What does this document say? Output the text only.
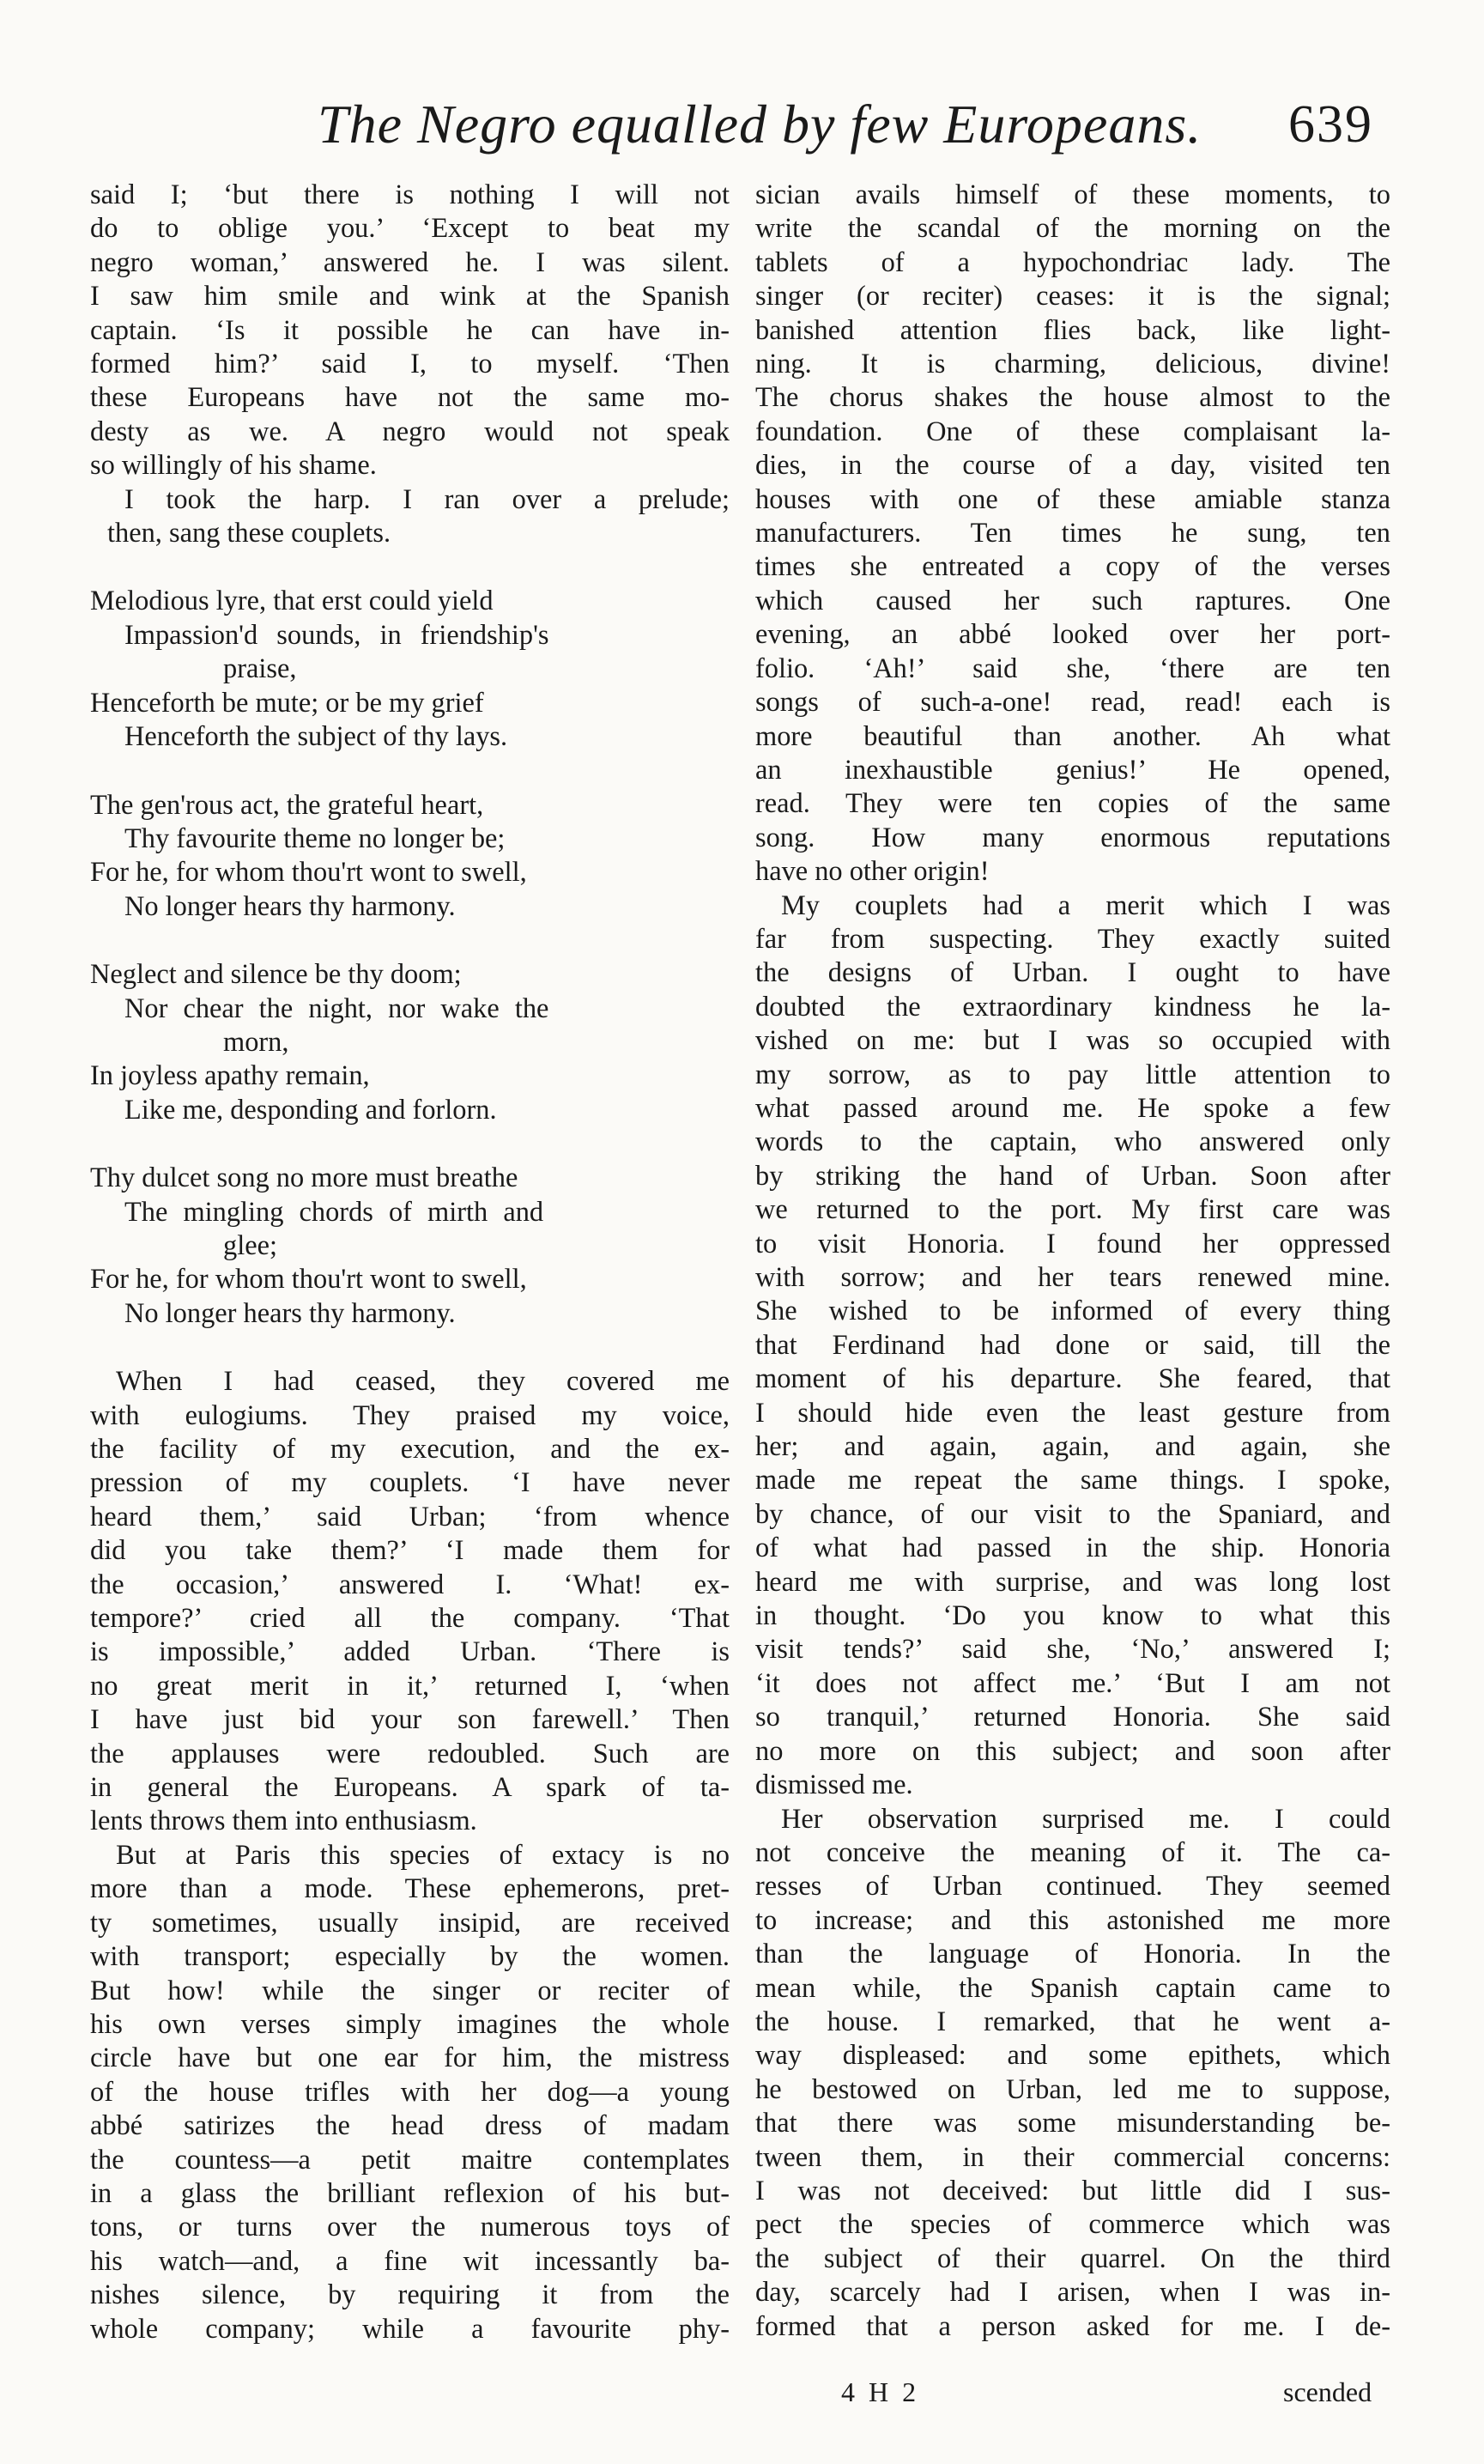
The Negro equalled by few Europeans. 639
said I; ‘but there is nothing I will not
do to oblige you.’ ‘Except to beat my
negro woman,’ answered he. I was silent.
I saw him smile and wink at the Spanish
captain. ‘Is it possible he can have in-
formed him?’ said I, to myself. ‘Then
these Europeans have not the same mo-
desty as we. A negro would not speak
so willingly of his shame.
I took the harp. I ran over a prelude;
then, sang these couplets.
Melodious lyre, that erst could yield
Impassion'd sounds, in friendship's
praise,
Henceforth be mute; or be my grief
Henceforth the subject of thy lays.
The gen'rous act, the grateful heart,
Thy favourite theme no longer be;
For he, for whom thou'rt wont to swell,
No longer hears thy harmony.
Neglect and silence be thy doom;
Nor chear the night, nor wake the
morn,
In joyless apathy remain,
Like me, desponding and forlorn.
Thy dulcet song no more must breathe
The mingling chords of mirth and
glee;
For he, for whom thou'rt wont to swell,
No longer hears thy harmony.
When I had ceased, they covered me
with eulogiums. They praised my voice,
the facility of my execution, and the ex-
pression of my couplets. ‘I have never
heard them,’ said Urban; ‘from whence
did you take them?’ ‘I made them for
the occasion,’ answered I. ‘What! ex-
tempore?’ cried all the company. ‘That
is impossible,’ added Urban. ‘There is
no great merit in it,’ returned I, ‘when
I have just bid your son farewell.’ Then
the applauses were redoubled. Such are
in general the Europeans. A spark of ta-
lents throws them into enthusiasm.
But at Paris this species of extacy is no
more than a mode. These ephemerons, pret-
ty sometimes, usually insipid, are received
with transport; especially by the women.
But how! while the singer or reciter of
his own verses simply imagines the whole
circle have but one ear for him, the mistress
of the house trifles with her dog—a young
abbé satirizes the head dress of madam
the countess—a petit maitre contemplates
in a glass the brilliant reflexion of his but-
tons, or turns over the numerous toys of
his watch—and, a fine wit incessantly ba-
nishes silence, by requiring it from the
whole company; while a favourite phy-
sician avails himself of these moments, to
write the scandal of the morning on the
tablets of a hypochondriac lady. The
singer (or reciter) ceases: it is the signal;
banished attention flies back, like light-
ning. It is charming, delicious, divine!
The chorus shakes the house almost to the
foundation. One of these complaisant la-
dies, in the course of a day, visited ten
houses with one of these amiable stanza
manufacturers. Ten times he sung, ten
times she entreated a copy of the verses
which caused her such raptures. One
evening, an abbé looked over her port-
folio. ‘Ah!’ said she, ‘there are ten
songs of such-a-one! read, read! each is
more beautiful than another. Ah what
an inexhaustible genius!’ He opened,
read. They were ten copies of the same
song. How many enormous reputations
have no other origin!
My couplets had a merit which I was
far from suspecting. They exactly suited
the designs of Urban. I ought to have
doubted the extraordinary kindness he la-
vished on me: but I was so occupied with
my sorrow, as to pay little attention to
what passed around me. He spoke a few
words to the captain, who answered only
by striking the hand of Urban. Soon after
we returned to the port. My first care was
to visit Honoria. I found her oppressed
with sorrow; and her tears renewed mine.
She wished to be informed of every thing
that Ferdinand had done or said, till the
moment of his departure. She feared, that
I should hide even the least gesture from
her; and again, again, and again, she
made me repeat the same things. I spoke,
by chance, of our visit to the Spaniard, and
of what had passed in the ship. Honoria
heard me with surprise, and was long lost
in thought. ‘Do you know to what this
visit tends?’ said she, ‘No,’ answered I;
‘it does not affect me.’ ‘But I am not
so tranquil,’ returned Honoria. She said
no more on this subject; and soon after
dismissed me.
Her observation surprised me. I could
not conceive the meaning of it. The ca-
resses of Urban continued. They seemed
to increase; and this astonished me more
than the language of Honoria. In the
mean while, the Spanish captain came to
the house. I remarked, that he went a-
way displeased: and some epithets, which
he bestowed on Urban, led me to suppose,
that there was some misunderstanding be-
tween them, in their commercial concerns:
I was not deceived: but little did I sus-
pect the species of commerce which was
the subject of their quarrel. On the third
day, scarcely had I arisen, when I was in-
formed that a person asked for me. I de-
4 H 2	scended
